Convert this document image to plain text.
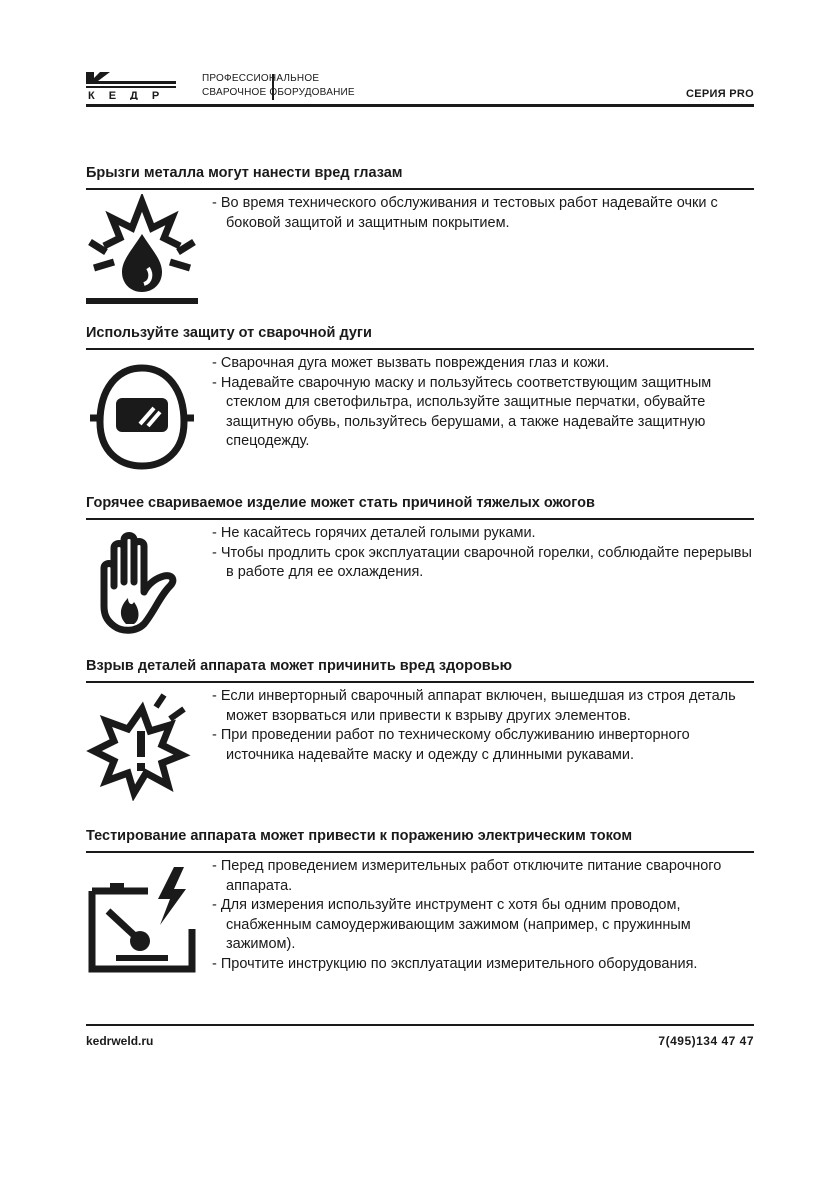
КЕДР
ПРОФЕССИОНАЛЬНОЕ
СВАРОЧНОЕ ОБОРУДОВАНИЕ	СЕРИЯ PRO
Брызги металла могут нанести вред глазам
- Во время технического обслуживания и тестовых работ надевайте очки с боковой защитой и защитным покрытием.
Используйте защиту от сварочной дуги
- Сварочная дуга может вызвать повреждения глаз и кожи.
- Надевайте сварочную маску и пользуйтесь соответствующим защитным стеклом для светофильтра, используйте защитные перчатки, обувайте защитную обувь, пользуйтесь берушами, а также надевайте защитную спецодежду.
Горячее свариваемое изделие может стать причиной тяжелых ожогов
- Не касайтесь горячих деталей голыми руками.
- Чтобы продлить срок эксплуатации сварочной горелки, соблюдайте перерывы в работе для ее охлаждения.
Взрыв деталей аппарата может причинить вред здоровью
- Если инверторный сварочный аппарат включен, вышедшая из строя деталь может взорваться или привести к взрыву других элементов.
- При проведении работ по техническому обслуживанию инверторного источника надевайте маску и одежду с длинными рукавами.
Тестирование аппарата может привести к поражению электрическим током
- Перед проведением измерительных работ отключите питание сварочного аппарата.
- Для измерения используйте инструмент с хотя бы одним проводом, снабженным самоудерживающим зажимом (например, с пружинным зажимом).
- Прочтите инструкцию по эксплуатации измерительного оборудования.
kedrweld.ru	7(495)134 47 47
